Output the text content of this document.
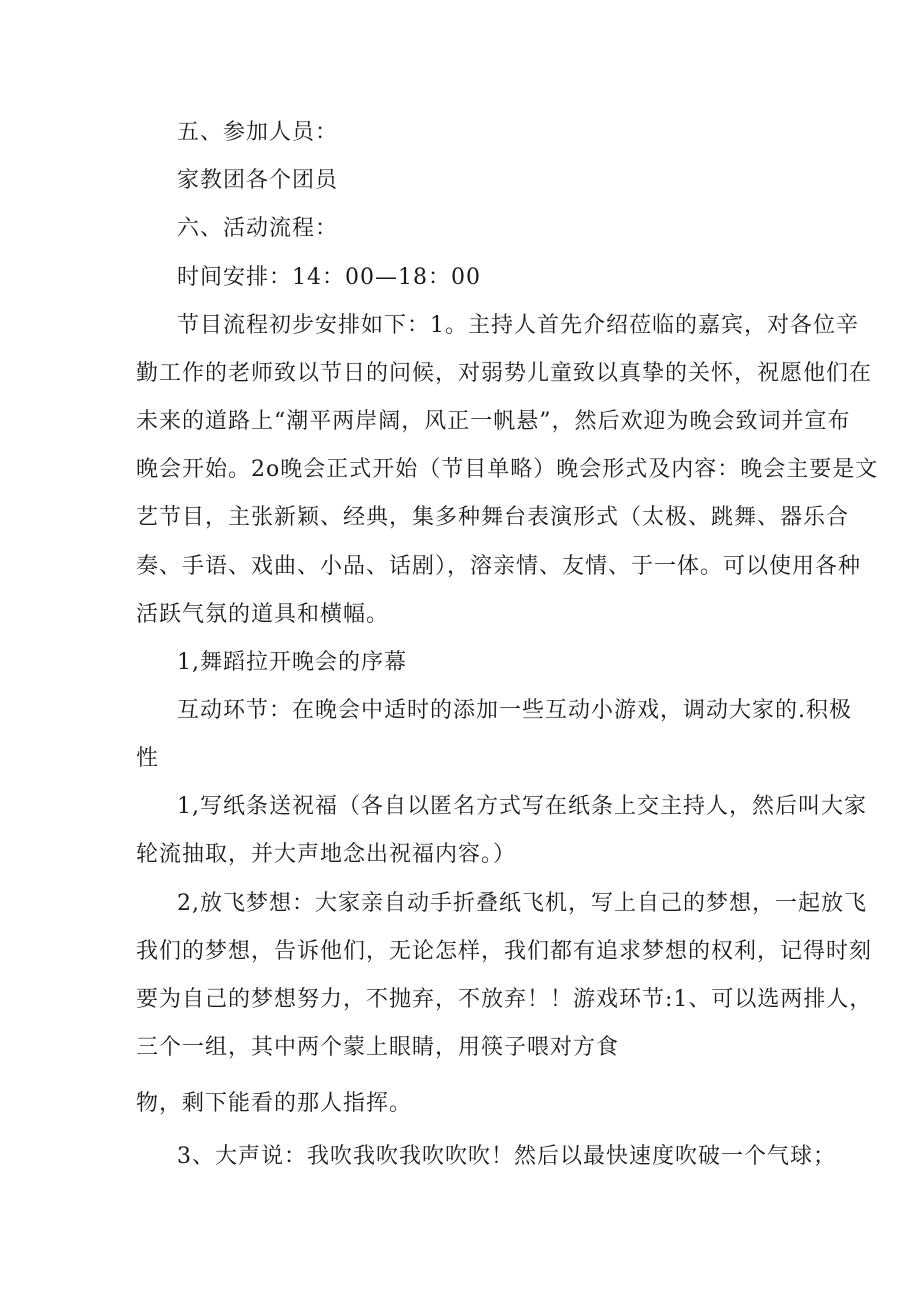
五、参加人员：
家教团各个团员
六、活动流程：
时间安排：14：00—18：00
节目流程初步安排如下：1。主持人首先介绍莅临的嘉宾，对各位辛
勤工作的老师致以节日的问候，对弱势儿童致以真挚的关怀，祝愿他们在
未来的道路上“潮平两岸阔，风正一帆悬”，然后欢迎为晚会致词并宣布
晚会开始。2o晚会正式开始（节目单略）晚会形式及内容：晚会主要是文
艺节目，主张新颖、经典，集多种舞台表演形式（太极、跳舞、器乐合
奏、手语、戏曲、小品、话剧），溶亲情、友情、于一体。可以使用各种
活跃气氛的道具和横幅。
1,舞蹈拉开晚会的序幕
互动环节：在晚会中适时的添加一些互动小游戏，调动大家的.积极
性
1,写纸条送祝福（各自以匿名方式写在纸条上交主持人，然后叫大家
轮流抽取，并大声地念出祝福内容。）
2,放飞梦想：大家亲自动手折叠纸飞机，写上自己的梦想，一起放飞
我们的梦想，告诉他们，无论怎样，我们都有追求梦想的权利，记得时刻
要为自己的梦想努力，不抛弃，不放弃！！游戏环节:1、可以选两排人，
三个一组，其中两个蒙上眼睛，用筷子喂对方食
物，剩下能看的那人指挥。
3、大声说：我吹我吹我吹吹吹！然后以最快速度吹破一个气球；
